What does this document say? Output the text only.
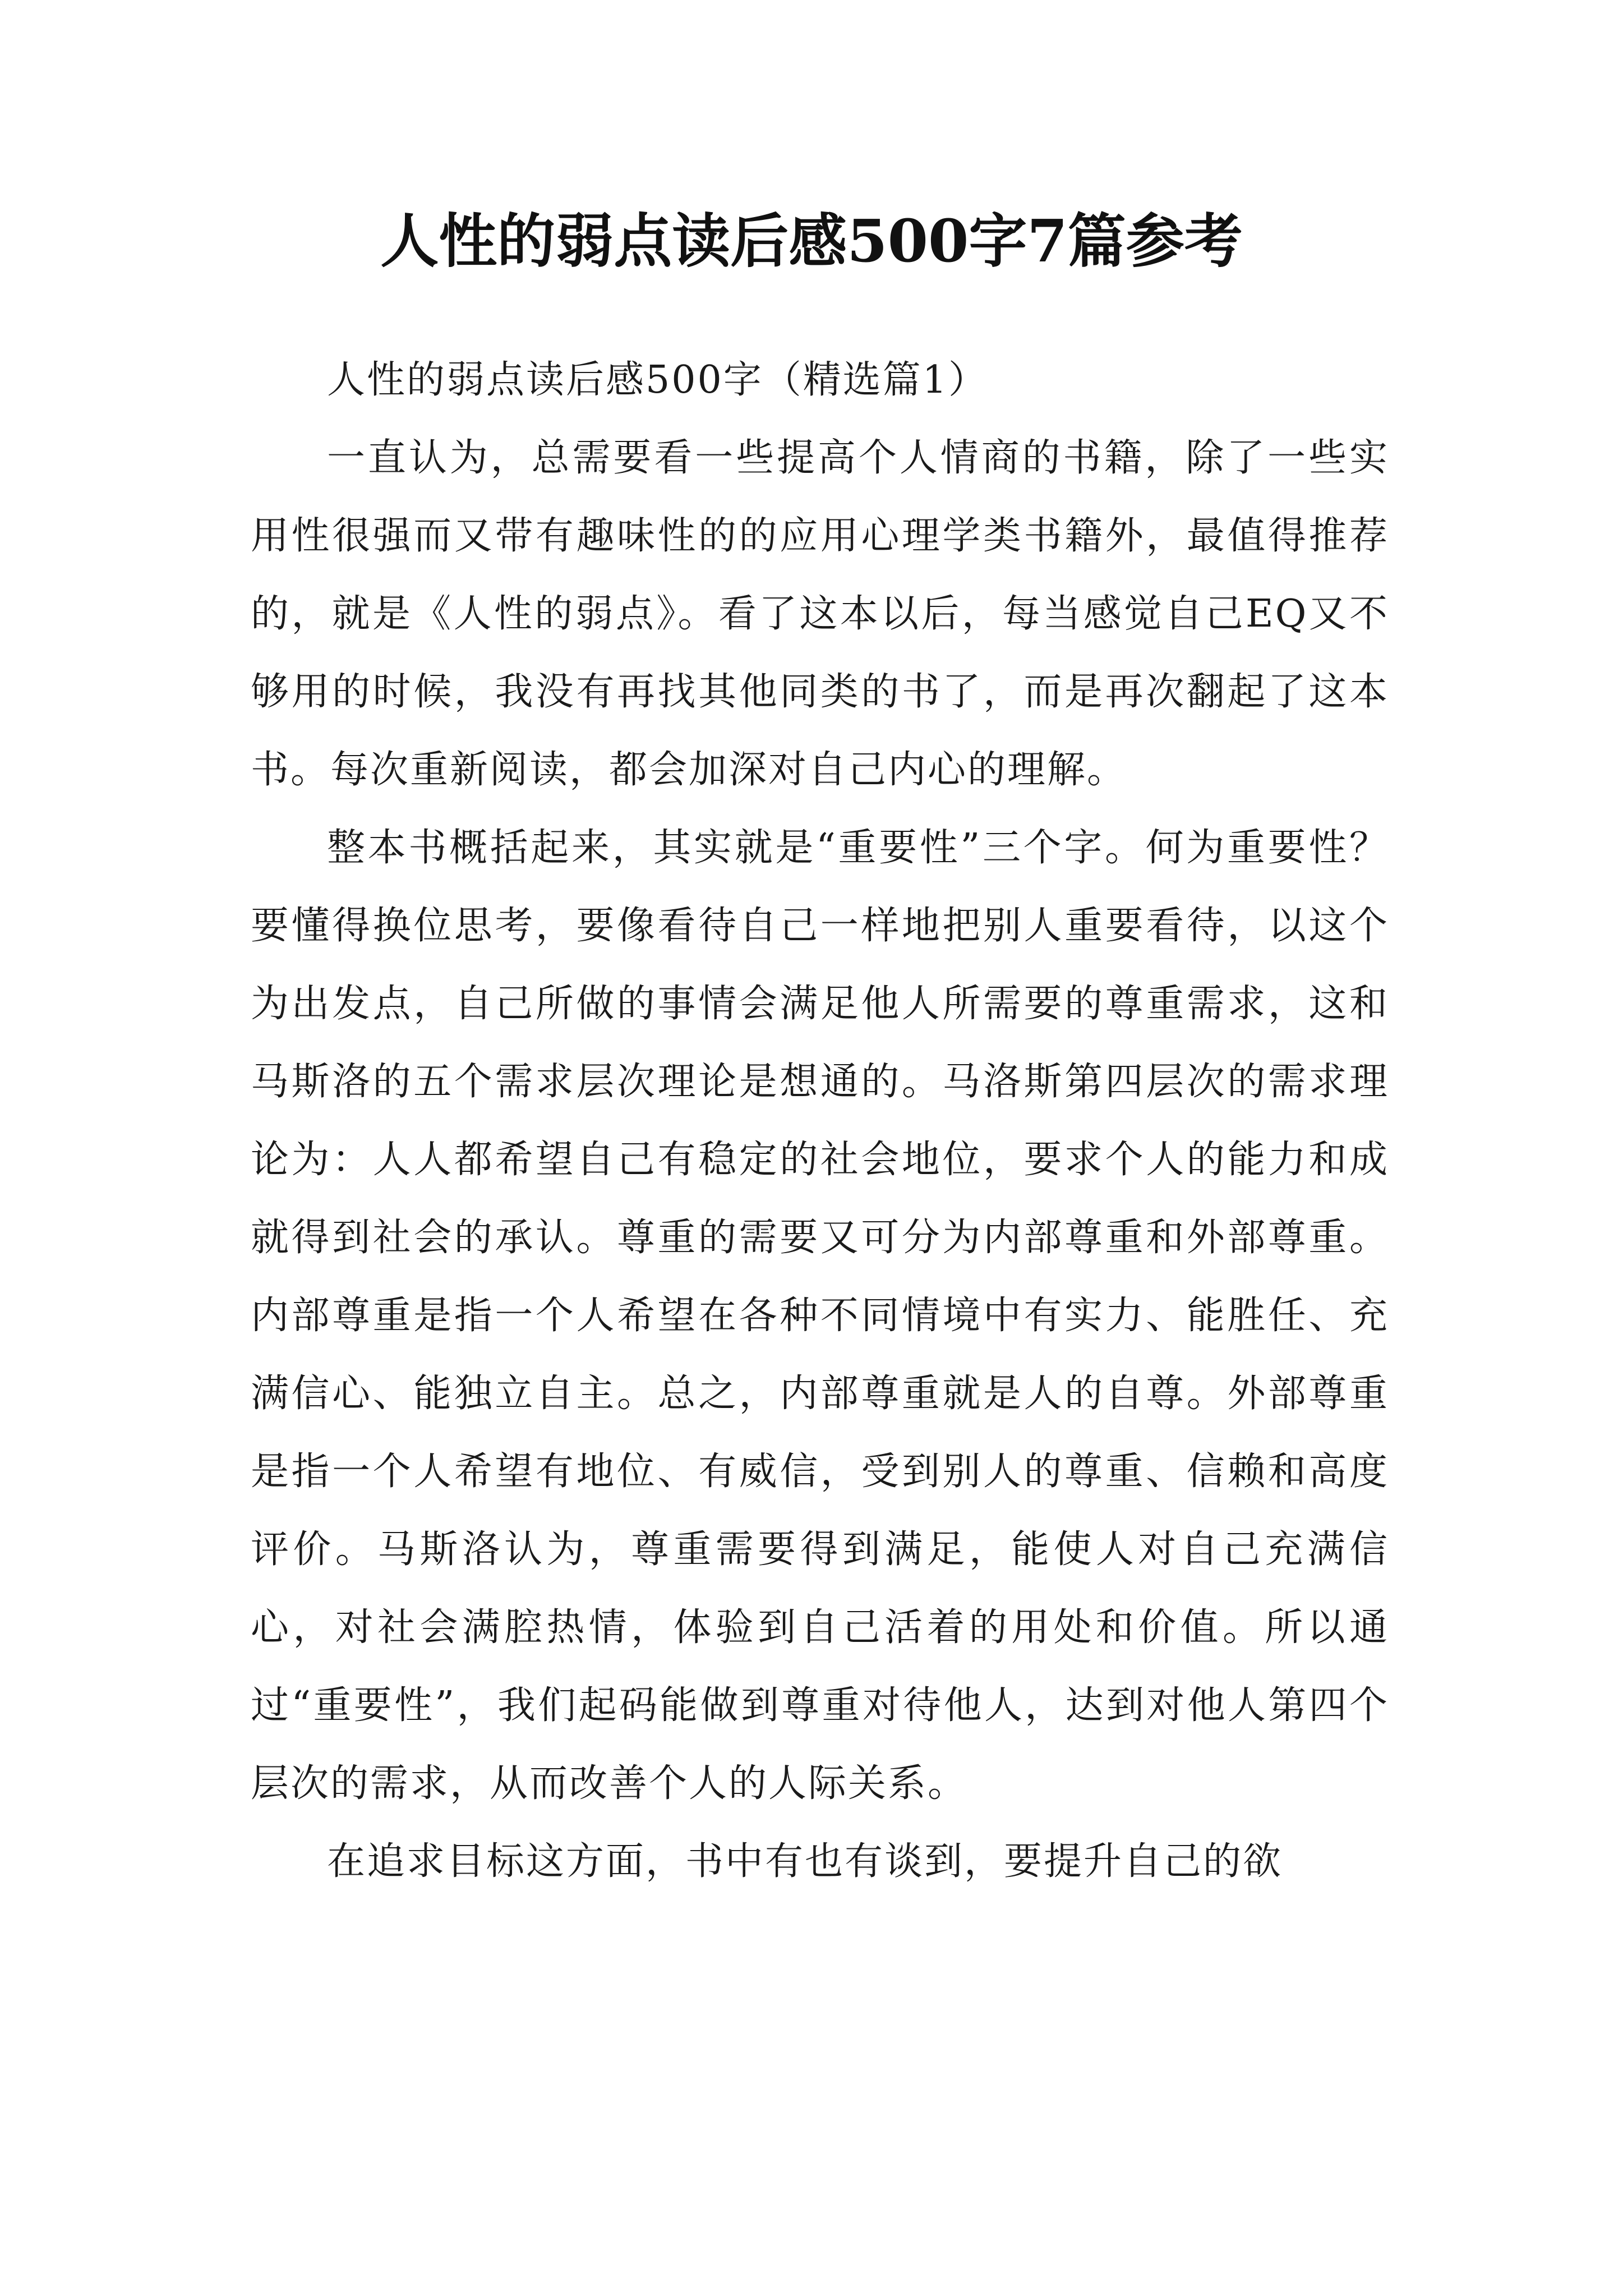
人性的弱点读后感500字7篇参考

人性的弱点读后感500字（精选篇1）

一直认为，总需要看一些提高个人情商的书籍，除了一些实用性很强而又带有趣味性的的应用心理学类书籍外，最值得推荐的，就是《人性的弱点》。看了这本以后，每当感觉自己EQ又不够用的时候，我没有再找其他同类的书了，而是再次翻起了这本书。每次重新阅读，都会加深对自己内心的理解。

整本书概括起来，其实就是“重要性”三个字。何为重要性？要懂得换位思考，要像看待自己一样地把别人重要看待，以这个为出发点，自己所做的事情会满足他人所需要的尊重需求，这和马斯洛的五个需求层次理论是想通的。马洛斯第四层次的需求理论为：人人都希望自己有稳定的社会地位，要求个人的能力和成就得到社会的承认。尊重的需要又可分为内部尊重和外部尊重。内部尊重是指一个人希望在各种不同情境中有实力、能胜任、充满信心、能独立自主。总之，内部尊重就是人的自尊。外部尊重是指一个人希望有地位、有威信，受到别人的尊重、信赖和高度评价。马斯洛认为，尊重需要得到满足，能使人对自己充满信心，对社会满腔热情，体验到自己活着的用处和价值。所以通过“重要性”，我们起码能做到尊重对待他人，达到对他人第四个层次的需求，从而改善个人的人际关系。

在追求目标这方面，书中有也有谈到，要提升自己的欲
